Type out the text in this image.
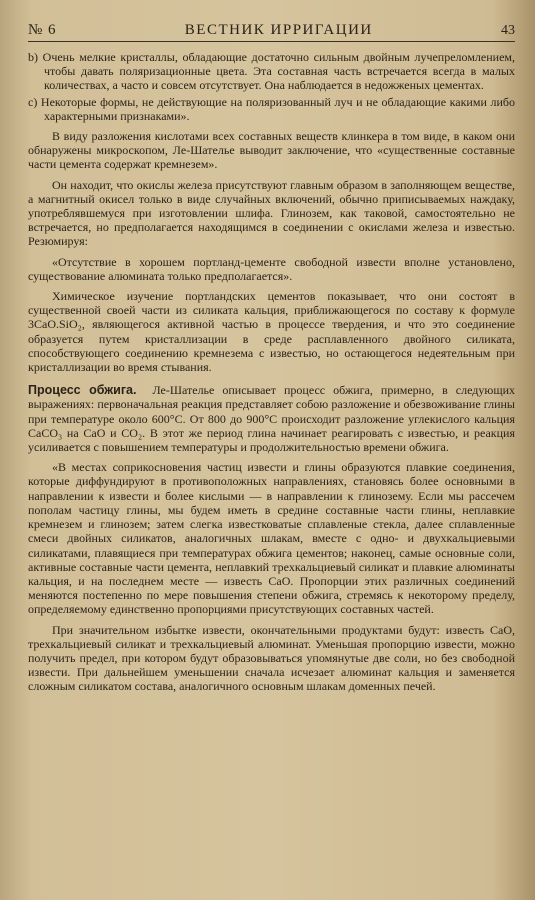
№ 6	ВЕСТНИК ИРРИГАЦИИ	43

b) Очень мелкие кристаллы, обладающие достаточно сильным двойным лучепреломлением, чтобы давать поляризационные цвета. Эта составная часть встречается всегда в малых количествах, а часто и совсем отсутствует. Она наблюдается в недожженых цементах.

c) Некоторые формы, не действующие на поляризованный луч и не обладающие какими либо характерными признаками».

В виду разложения кислотами всех составных веществ клинкера в том виде, в каком они обнаружены микроскопом, Ле-Шателье выводит заключение, что «существенные составные части цемента содержат кремнезем».

Он находит, что окислы железа присутствуют главным образом в заполняющем веществе, а магнитный окисел только в виде случайных включений, обычно приписываемых наждаку, употреблявшемуся при изготовлении шлифа. Глинозем, как таковой, самостоятельно не встречается, но предполагается находящимся в соединении с окислами железа и известью. Резюмируя:

«Отсутствие в хорошем портланд-цементе свободной извести вполне установлено, существование алюмината только предполагается».

Химическое изучение портландских цементов показывает, что они состоят в существенной своей части из силиката кальция, приближающегося по составу к формуле 3CaO.SiO₂, являющегося активной частью в процессе твердения, и что это соединение образуется путем кристаллизации в среде расплавленного двойного силиката, способствующего соединению кремнезема с известью, но остающегося недеятельным при кристаллизации во время стывания.

Процесс обжига. Ле-Шателье описывает процесс обжига, примерно, в следующих выражениях: первоначальная реакция представляет собою разложение и обезвоживание глины при температуре около 600°С. От 800 до 900°С происходит разложение углекислого кальция CaCO₃ на CaO и CO₂. В этот же период глина начинает реагировать с известью, и реакция усиливается с повышением температуры и продолжительностью времени обжига.

«В местах соприкосновения частиц извести и глины образуются плавкие соединения, которые диффундируют в противоположных направлениях, становясь более основными в направлении к извести и более кислыми — в направлении к глинозему. Если мы рассечем пополам частицу глины, мы будем иметь в средине составные части глины, неплавкие кремнезем и глинозем; затем слегка известковатые сплавленые стекла, далее сплавленные смеси двойных силикатов, аналогичных шлакам, вместе с одно- и двухкальциевыми силикатами, плавящиеся при температурах обжига цементов; наконец, самые основные соли, активные составные части цемента, неплавкий трехкальциевый силикат и плавкие алюминаты кальция, и на последнем месте — известь CaO. Пропорции этих различных соединений меняются постепенно по мере повышения степени обжига, стремясь к некоторому пределу, определяемому единственно пропорциями присутствующих составных частей.

При значительном избытке извести, окончательными продуктами будут: известь CaO, трехкальциевый силикат и трехкальциевый алюминат. Уменьшая пропорцию извести, можно получить предел, при котором будут образовываться упомянутые две соли, но без свободной извести. При дальнейшем уменьшении сначала исчезает алюминат кальция и заменяется сложным силикатом состава, аналогичного основным шлакам доменных печей.
